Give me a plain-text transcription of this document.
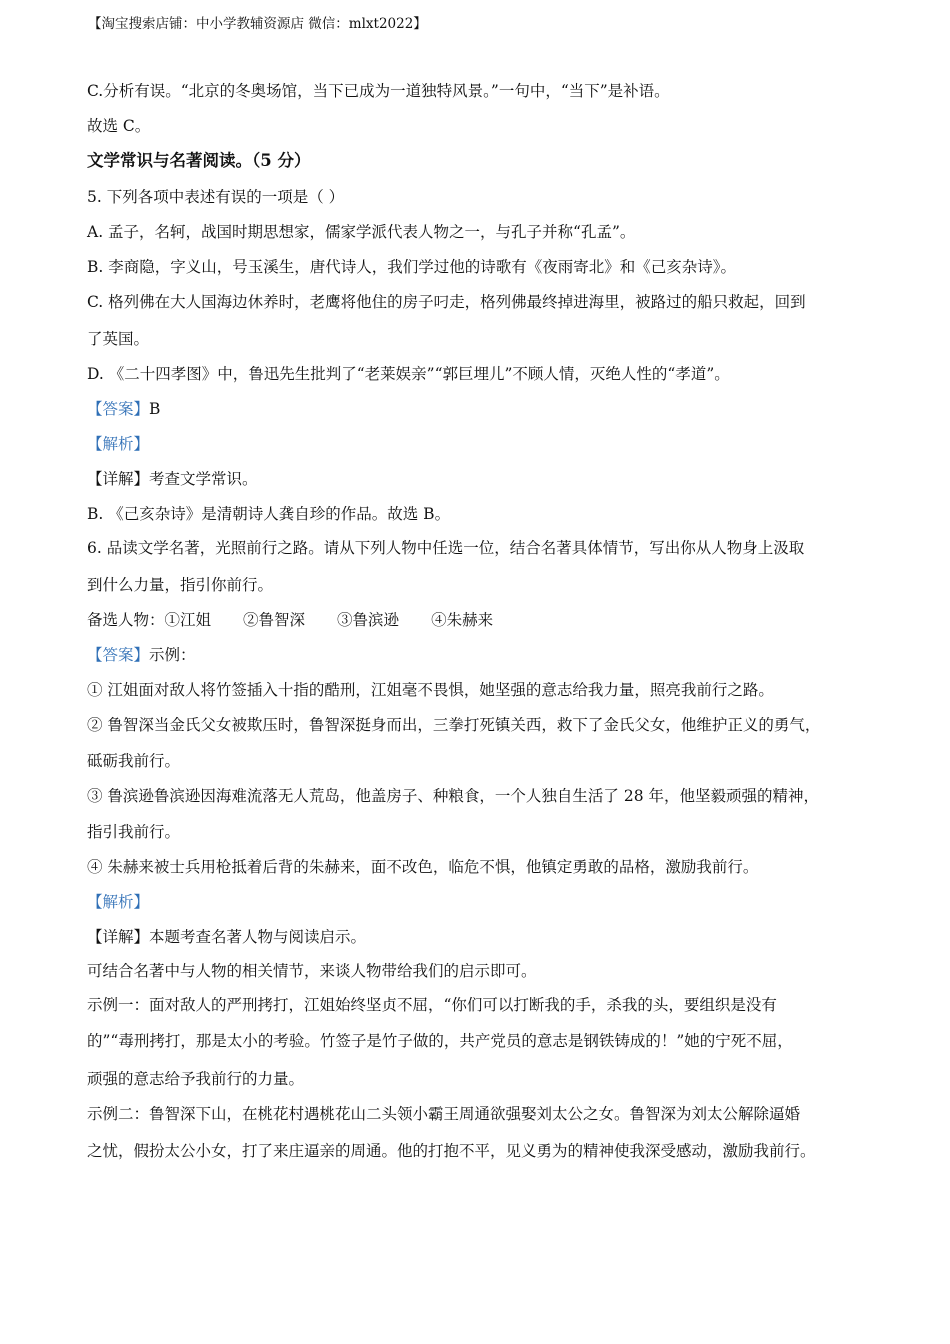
【淘宝搜索店铺：中小学教辅资源店 微信：mlxt2022】
C.分析有误。“北京的冬奥场馆，当下已成为一道独特风景。”一句中，“当下”是补语。
故选 C。
文学常识与名著阅读。（5 分）
5. 下列各项中表述有误的一项是（ ）
A. 孟子，名轲，战国时期思想家，儒家学派代表人物之一，与孔子并称“孔孟”。
B. 李商隐，字义山，号玉溪生，唐代诗人，我们学过他的诗歌有《夜雨寄北》和《己亥杂诗》。
C. 格列佛在大人国海边休养时，老鹰将他住的房子叼走，格列佛最终掉进海里，被路过的船只救起，回到
了英国。
D. 《二十四孝图》中，鲁迅先生批判了“老莱娱亲”“郭巨埋儿”不顾人情，灭绝人性的“孝道”。
【答案】B
【解析】
【详解】考查文学常识。
B. 《己亥杂诗》是清朝诗人龚自珍的作品。故选 B。
6. 品读文学名著，光照前行之路。请从下列人物中任选一位，结合名著具体情节，写出你从人物身上汲取
到什么力量，指引你前行。
备选人物：①江姐 ②鲁智深 ③鲁滨逊 ④朱赫来
【答案】示例：
① 江姐面对敌人将竹签插入十指的酷刑，江姐毫不畏惧，她坚强的意志给我力量，照亮我前行之路。
② 鲁智深当金氏父女被欺压时，鲁智深挺身而出，三拳打死镇关西，救下了金氏父女，他维护正义的勇气，
砥砺我前行。
③ 鲁滨逊鲁滨逊因海难流落无人荒岛，他盖房子、种粮食，一个人独自生活了 28 年，他坚毅顽强的精神，
指引我前行。
④ 朱赫来被士兵用枪抵着后背的朱赫来，面不改色，临危不惧，他镇定勇敢的品格，激励我前行。
【解析】
【详解】本题考查名著人物与阅读启示。
可结合名著中与人物的相关情节，来谈人物带给我们的启示即可。
示例一：面对敌人的严刑拷打，江姐始终坚贞不屈，“你们可以打断我的手，杀我的头，要组织是没有
的”“毒刑拷打，那是太小的考验。竹签子是竹子做的，共产党员的意志是钢铁铸成的！”她的宁死不屈，
顽强的意志给予我前行的力量。
示例二：鲁智深下山，在桃花村遇桃花山二头领小霸王周通欲强娶刘太公之女。鲁智深为刘太公解除逼婚
之忧，假扮太公小女，打了来庄逼亲的周通。他的打抱不平，见义勇为的精神使我深受感动，激励我前行。
